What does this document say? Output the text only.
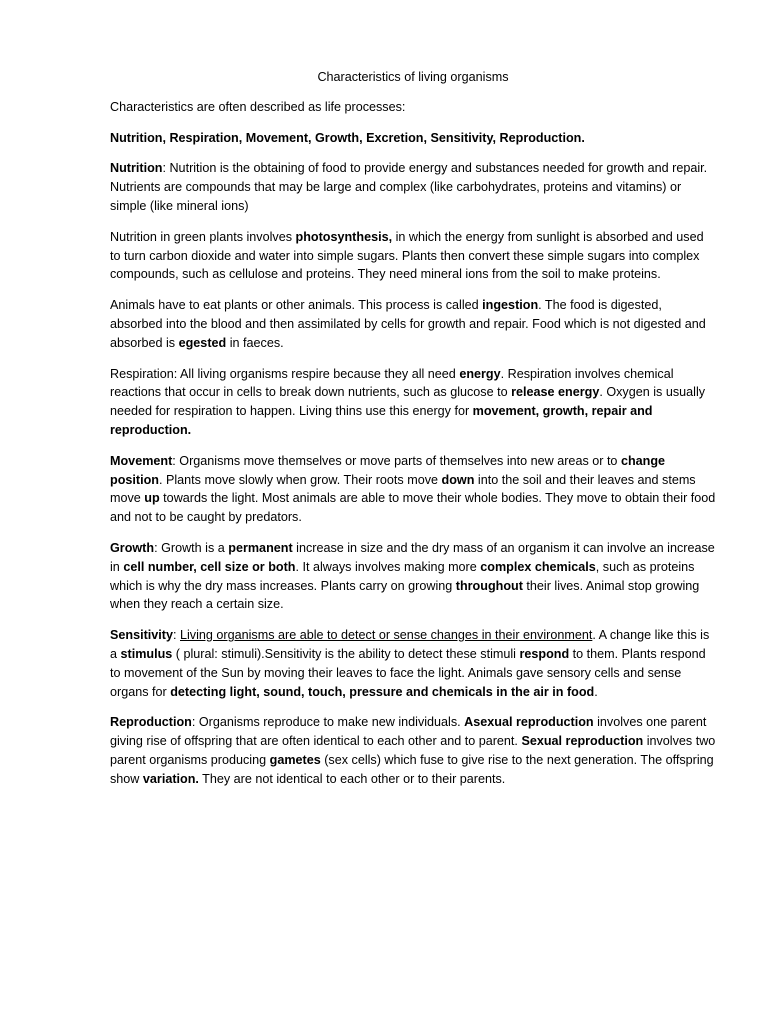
Characteristics of living organisms

Characteristics are often described as life processes:

Nutrition, Respiration, Movement, Growth, Excretion, Sensitivity, Reproduction.

Nutrition: Nutrition is the obtaining of food to provide energy and substances needed for growth and repair. Nutrients are compounds that may be large and complex (like carbohydrates, proteins and vitamins) or simple (like mineral ions)

Nutrition in green plants involves photosynthesis, in which the energy from sunlight is absorbed and used to turn carbon dioxide and water into simple sugars. Plants then convert these simple sugars into complex compounds, such as cellulose and proteins. They need mineral ions from the soil to make proteins.

Animals have to eat plants or other animals. This process is called ingestion. The food is digested, absorbed into the blood and then assimilated by cells for growth and repair. Food which is not digested and absorbed is egested in faeces.

Respiration: All living organisms respire because they all need energy. Respiration involves chemical reactions that occur in cells to break down nutrients, such as glucose to release energy. Oxygen is usually needed for respiration to happen. Living thins use this energy for movement, growth, repair and reproduction.

Movement: Organisms move themselves or move parts of themselves into new areas or to change position. Plants move slowly when grow. Their roots move down into the soil and their leaves and stems move up towards the light. Most animals are able to move their whole bodies. They move to obtain their food and not to be caught by predators.

Growth: Growth is a permanent increase in size and the dry mass of an organism it can involve an increase in cell number, cell size or both. It always involves making more complex chemicals, such as proteins which is why the dry mass increases. Plants carry on growing throughout their lives. Animal stop growing when they reach a certain size.

Sensitivity: Living organisms are able to detect or sense changes in their environment. A change like this is a stimulus ( plural: stimuli).Sensitivity is the ability to detect these stimuli respond to them. Plants respond to movement of the Sun by moving their leaves to face the light. Animals gave sensory cells and sense organs for detecting light, sound, touch, pressure and chemicals in the air in food.

Reproduction: Organisms reproduce to make new individuals. Asexual reproduction involves one parent giving rise of offspring that are often identical to each other and to parent. Sexual reproduction involves two parent organisms producing gametes (sex cells) which fuse to give rise to the next generation. The offspring show variation. They are not identical to each other or to their parents.
